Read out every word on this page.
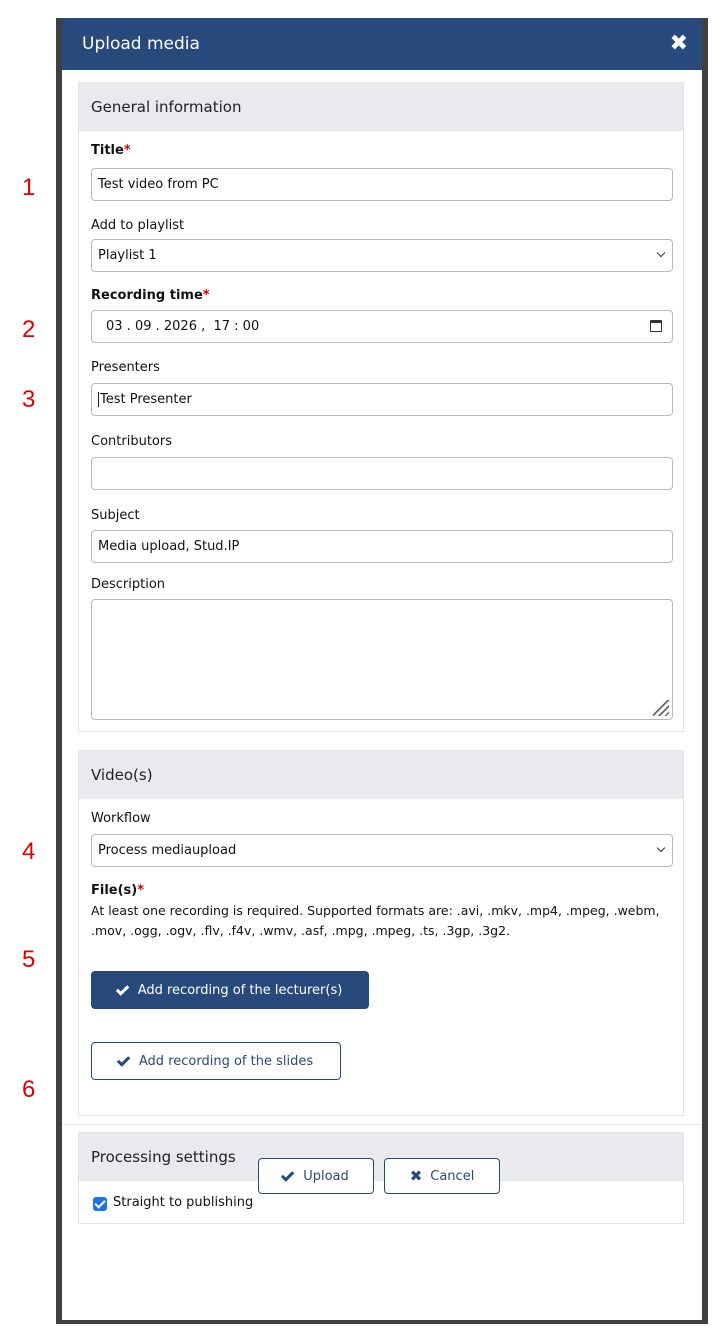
1
2
3
4
5
6
Upload media	✖
General information
Title*
Test video from PC
Add to playlist
Playlist 1
Recording time*
03 . 09 . 2026 ,  17 : 00
Presenters
Test Presenter
Contributors
Subject
Media upload, Stud.IP
Description
Video(s)
Workflow
Process mediaupload
File(s)*
At least one recording is required. Supported formats are: .avi, .mkv, .mp4, .mpeg, .webm, .mov, .ogg, .ogv, .flv, .f4v, .wmv, .asf, .mpg, .mpeg, .ts, .3gp, .3g2.
Add recording of the lecturer(s)
Add recording of the slides
Processing settings
Straight to publishing
Upload	✖ Cancel
